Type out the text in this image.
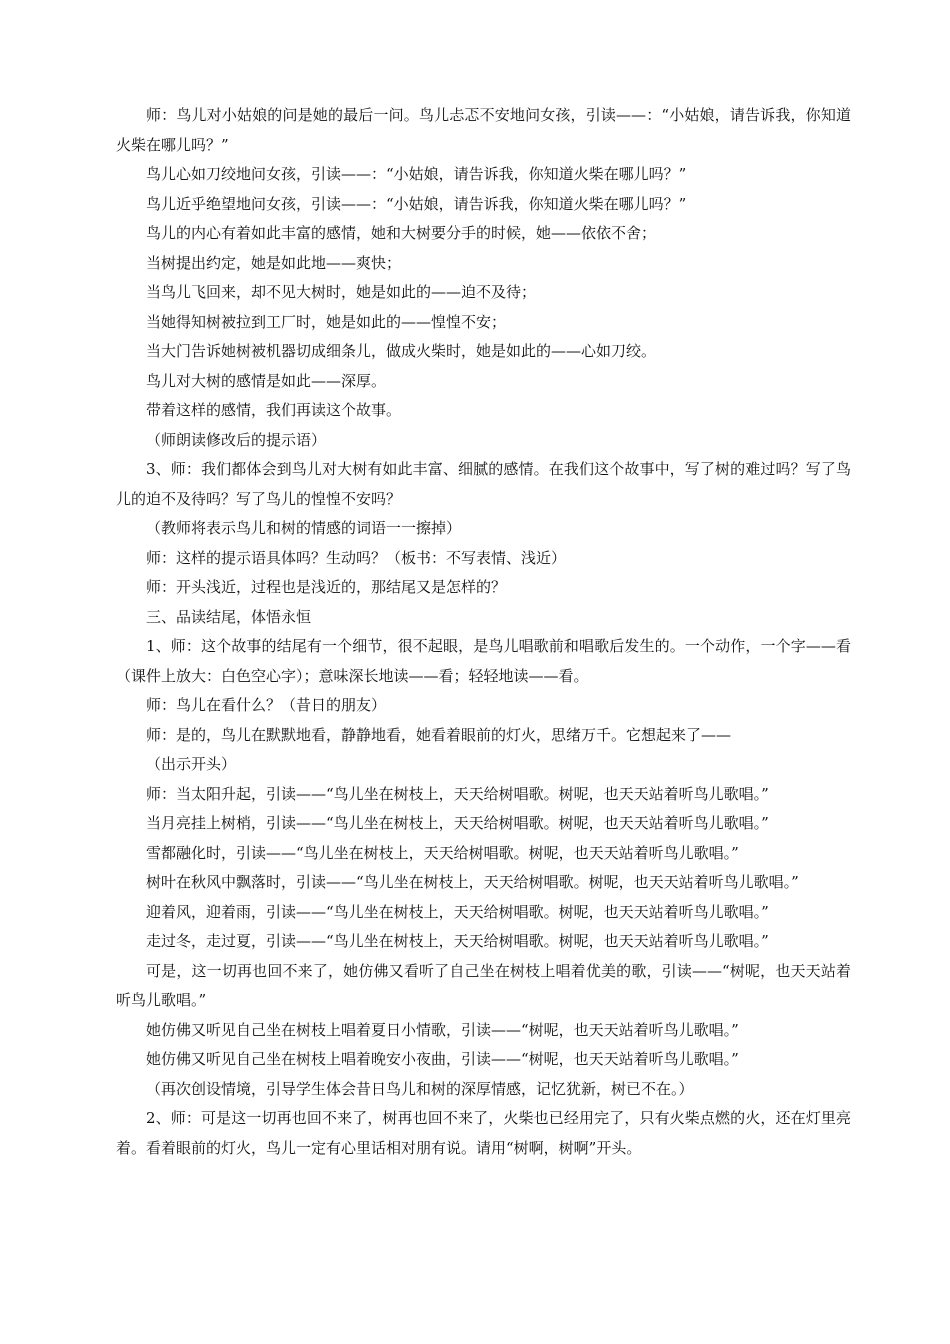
师：鸟儿对小姑娘的问是她的最后一问。鸟儿忐忑不安地问女孩，引读——：“小姑娘，请告诉我，你知道火柴在哪儿吗？”

鸟儿心如刀绞地问女孩，引读——：“小姑娘，请告诉我，你知道火柴在哪儿吗？”

鸟儿近乎绝望地问女孩，引读——：“小姑娘，请告诉我，你知道火柴在哪儿吗？”

鸟儿的内心有着如此丰富的感情，她和大树要分手的时候，她——依依不舍；

当树提出约定，她是如此地——爽快；

当鸟儿飞回来，却不见大树时，她是如此的——迫不及待；

当她得知树被拉到工厂时，她是如此的——惶惶不安；

当大门告诉她树被机器切成细条儿，做成火柴时，她是如此的——心如刀绞。

鸟儿对大树的感情是如此——深厚。

带着这样的感情，我们再读这个故事。

（师朗读修改后的提示语）

3、师：我们都体会到鸟儿对大树有如此丰富、细腻的感情。在我们这个故事中，写了树的难过吗？写了鸟儿的迫不及待吗？写了鸟儿的惶惶不安吗？

（教师将表示鸟儿和树的情感的词语一一擦掉）

师：这样的提示语具体吗？生动吗？（板书：不写表情、浅近）

师：开头浅近，过程也是浅近的，那结尾又是怎样的？

三、品读结尾，体悟永恒

1、师：这个故事的结尾有一个细节，很不起眼，是鸟儿唱歌前和唱歌后发生的。一个动作，一个字——看（课件上放大：白色空心字）；意味深长地读——看；轻轻地读——看。

师：鸟儿在看什么？（昔日的朋友）

师：是的，鸟儿在默默地看，静静地看，她看着眼前的灯火，思绪万千。它想起来了——

（出示开头）

师：当太阳升起，引读——“鸟儿坐在树枝上，天天给树唱歌。树呢，也天天站着听鸟儿歌唱。”

当月亮挂上树梢，引读——“鸟儿坐在树枝上，天天给树唱歌。树呢，也天天站着听鸟儿歌唱。”

雪都融化时，引读——“鸟儿坐在树枝上，天天给树唱歌。树呢，也天天站着听鸟儿歌唱。”

树叶在秋风中飘落时，引读——“鸟儿坐在树枝上，天天给树唱歌。树呢，也天天站着听鸟儿歌唱。”

迎着风，迎着雨，引读——“鸟儿坐在树枝上，天天给树唱歌。树呢，也天天站着听鸟儿歌唱。”

走过冬，走过夏，引读——“鸟儿坐在树枝上，天天给树唱歌。树呢，也天天站着听鸟儿歌唱。”

可是，这一切再也回不来了，她仿佛又看听了自己坐在树枝上唱着优美的歌，引读——“树呢，也天天站着听鸟儿歌唱。”

她仿佛又听见自己坐在树枝上唱着夏日小情歌，引读——“树呢，也天天站着听鸟儿歌唱。”

她仿佛又听见自己坐在树枝上唱着晚安小夜曲，引读——“树呢，也天天站着听鸟儿歌唱。”

（再次创设情境，引导学生体会昔日鸟儿和树的深厚情感，记忆犹新，树已不在。）

2、师：可是这一切再也回不来了，树再也回不来了，火柴也已经用完了，只有火柴点燃的火，还在灯里亮着。看着眼前的灯火，鸟儿一定有心里话相对朋有说。请用“树啊，树啊”开头。
